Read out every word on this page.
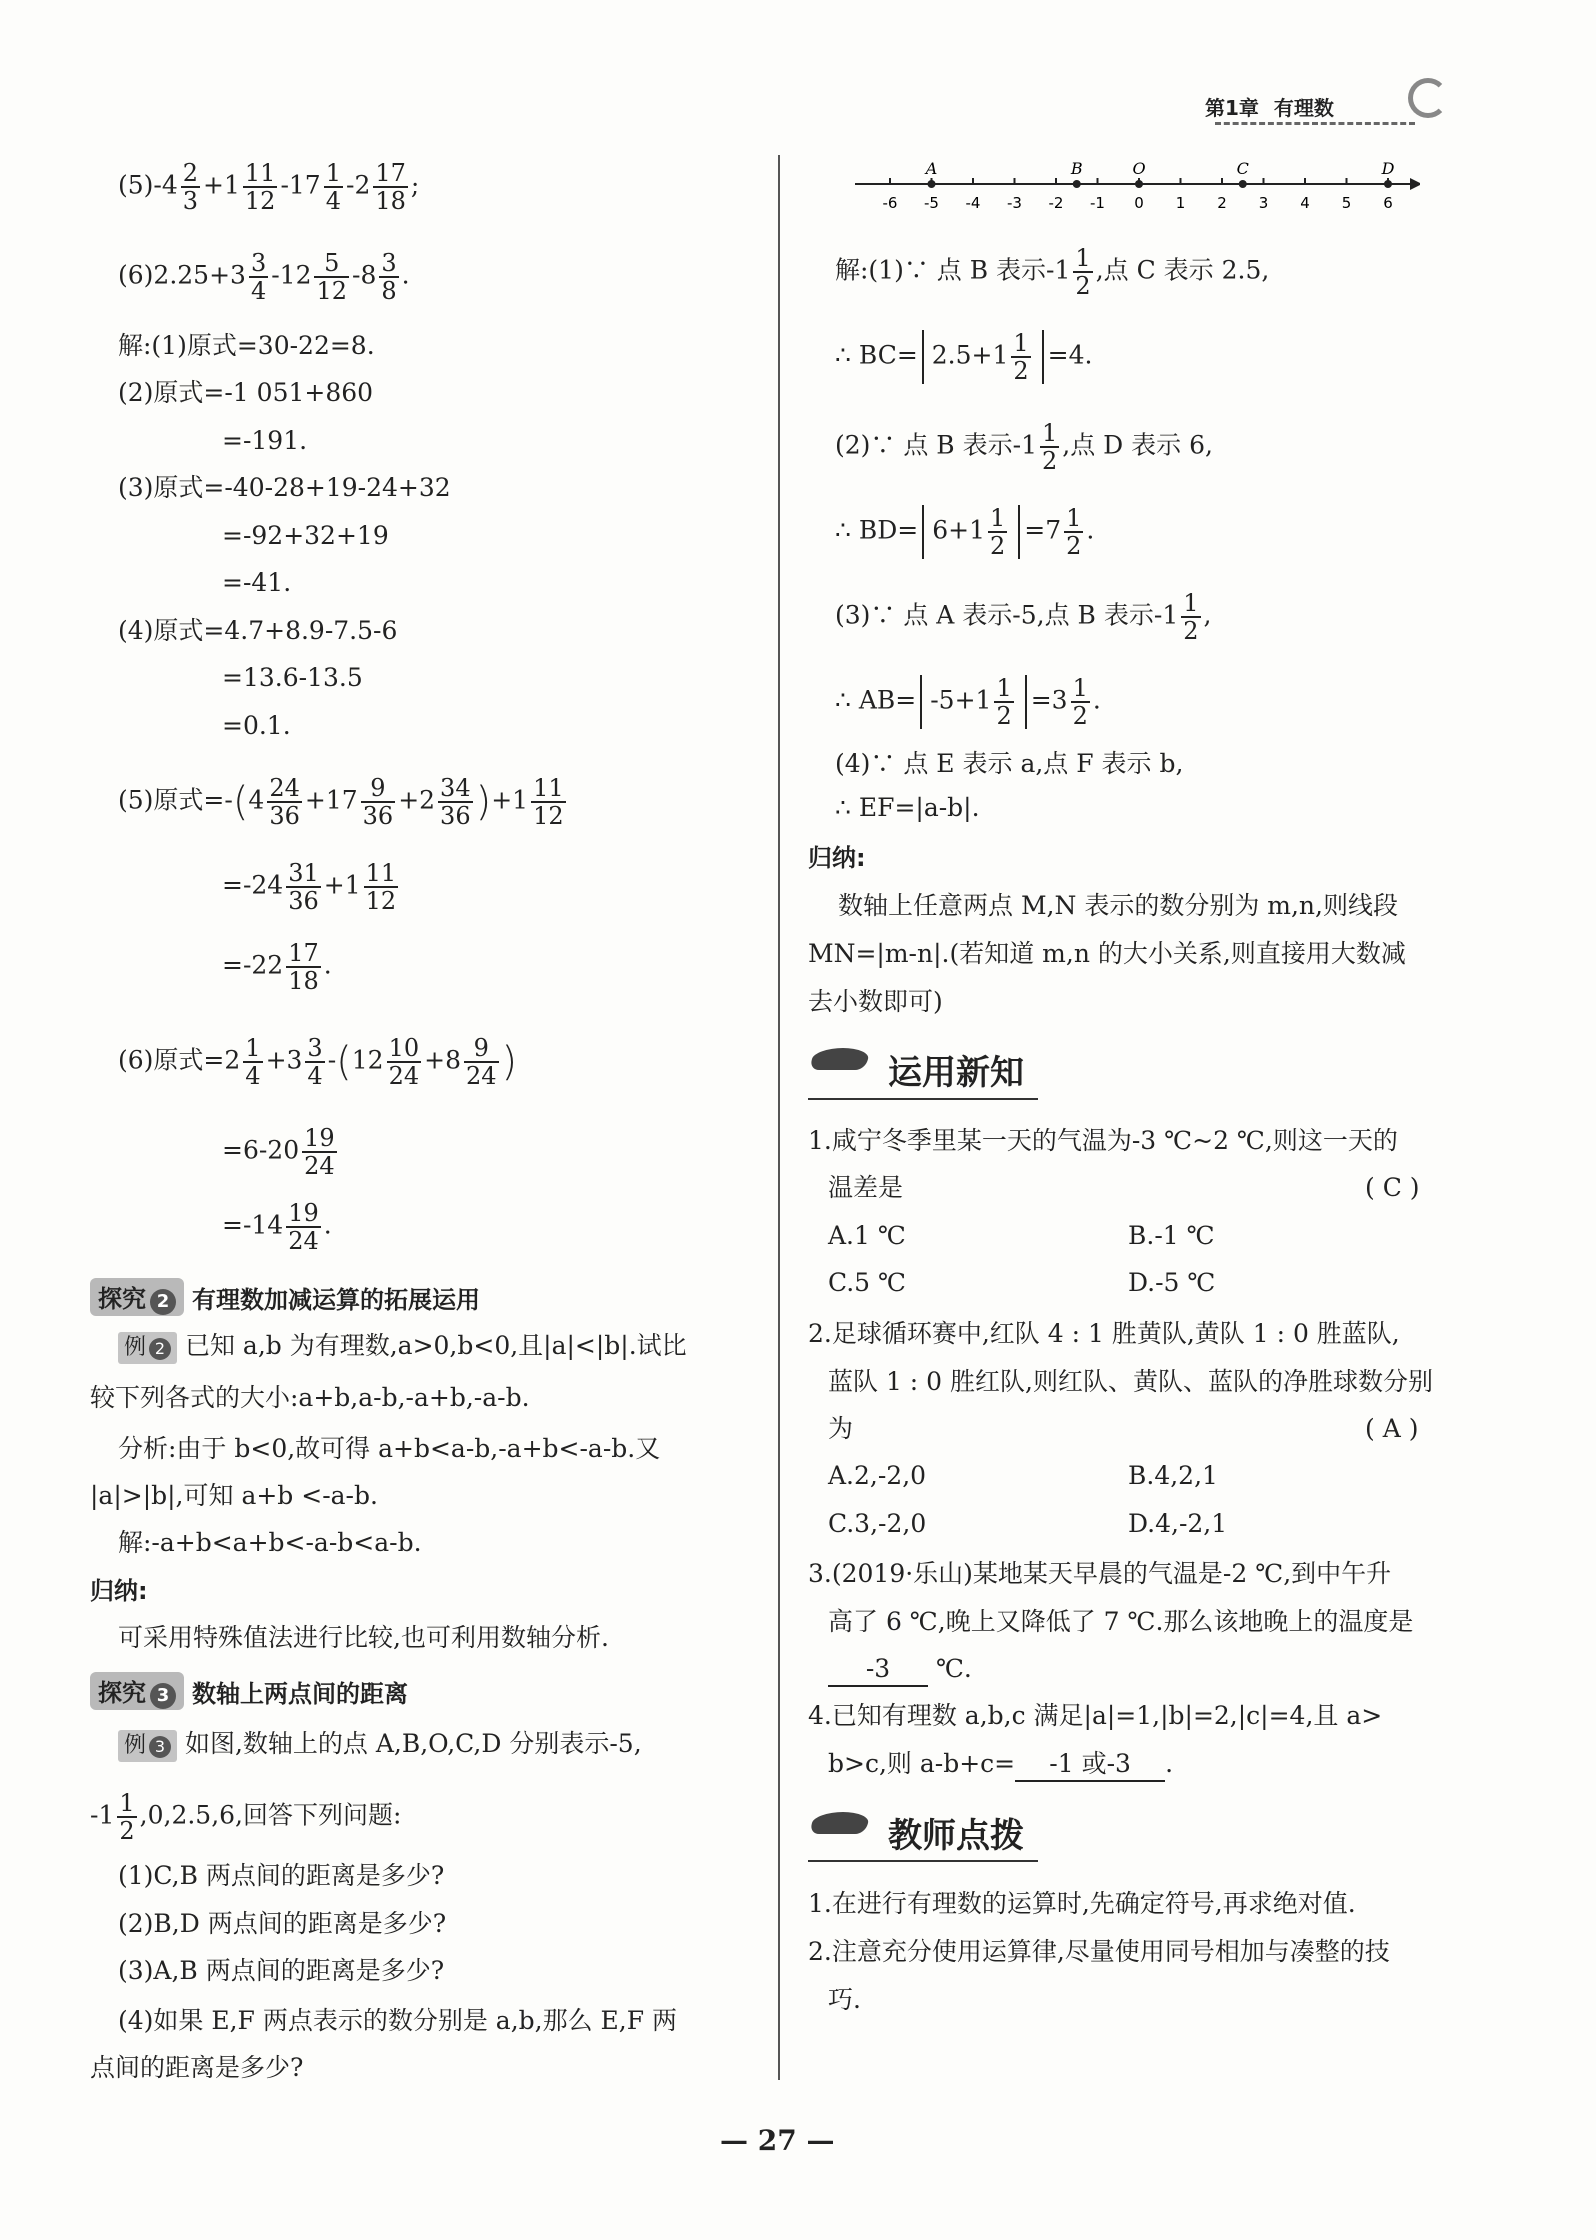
第1章 有理数
$(5)-4 \frac{2}{3} +1 \frac{11}{12} -17 \frac{1}{4} -2 \frac{17}{18}$ ;
$(6)2.25+3 \frac{3}{4} -12 \frac{5}{12} -8 \frac{3}{8}$ .
解:(1)原式=30-22=8.
(2)原式=-1 051+860
=-191.
(3)原式=-40-28+19-24+32
=-92+32+19
=-41.
(4)原式=4.7+8.9-7.5-6
=13.6-13.5
=0.1.
(5)原式$=-(4 \frac{24}{36} +17 \frac{9}{36} +2 \frac{34}{36} )+1 \frac{11}{12}$
$=-24 \frac{31}{36} +1 \frac{11}{12}$
$=-22 \frac{17}{18}$ .
(6)原式$=2 \frac{1}{4} +3 \frac{3}{4} -(12 \frac{10}{24} +8 \frac{9}{24}$ )
$=6-20 \frac{19}{24}$
$=-14 \frac{19}{24}$ .
探究 2 有理数加减运算的拓展运用
例 2 已知 a,b 为有理数,a>0,b<0,且|a|<|b|.试比
较下列各式的大小:a+b,a-b,-a+b,-a-b.
分析:由于 b<0,故可得 a+b<a-b,-a+b<-a-b.又
|a|>|b|,可知 a+b <-a-b.
解:-a+b<a+b<-a-b<a-b.
归纳:
可采用特殊值法进行比较,也可利用数轴分析.
探究 3 数轴上两点间的距离
例 3 如图,数轴上的点 A,B,O,C,D 分别表示-5,
$-1 \frac{1}{2} ,0,2.5,6$,回答下列问题:
(1)C,B 两点间的距离是多少?
(2)B,D 两点间的距离是多少?
(3)A,B 两点间的距离是多少?
(4)如果 E,F 两点表示的数分别是 a,b,那么 E,F 两
点间的距离是多少?
-6 -5 -4 -3 -2 -1 0 1 2 3 4 5 6
A	B	O	C	D
解:(1)∵ 点 B 表示$-1 \frac{1}{2}$ ,点 C 表示 2.5,
∴ $BC= 2.5+1 \frac{1}{2} =4$.
(2)∵ 点 B 表示$-1 \frac{1}{2}$ ,点 D 表示 6,
∴ $BD= 6+1 \frac{1}{2} =7 \frac{1}{2}$ .
(3)∵ 点 A 表示-5,点 B 表示$-1 \frac{1}{2}$ ,
∴ $AB= -5+1 \frac{1}{2} =3 \frac{1}{2}$ .
(4)∵ 点 E 表示 a,点 F 表示 b,
∴ EF=|a-b|.
归纳:
数轴上任意两点 M,N 表示的数分别为 m,n,则线段
MN=|m-n|.(若知道 m,n 的大小关系,则直接用大数减
去小数即可)
运用新知
1.咸宁冬季里某一天的气温为-3 ℃~2 ℃,则这一天的
温差是	( C )
A.1 ℃	B.-1 ℃
C.5 ℃	D.-5 ℃
2.足球循环赛中,红队 4 : 1 胜黄队,黄队 1 : 0 胜蓝队,
蓝队 1 : 0 胜红队,则红队、黄队、蓝队的净胜球数分别
为	( A )
A.2,-2,0	B.4,2,1
C.3,-2,0	D.4,-2,1
3.(2019·乐山)某地某天早晨的气温是-2 ℃,到中午升
高了 6 ℃,晚上又降低了 7 ℃.那么该地晚上的温度是
-3 ℃.
4.已知有理数 a,b,c 满足|a|=1,|b|=2,|c|=4,且 a>
b>c,则 a-b+c= -1 或-3 .
教师点拨
1.在进行有理数的运算时,先确定符号,再求绝对值.
2.注意充分使用运算律,尽量使用同号相加与凑整的技
巧.
— 27 —
